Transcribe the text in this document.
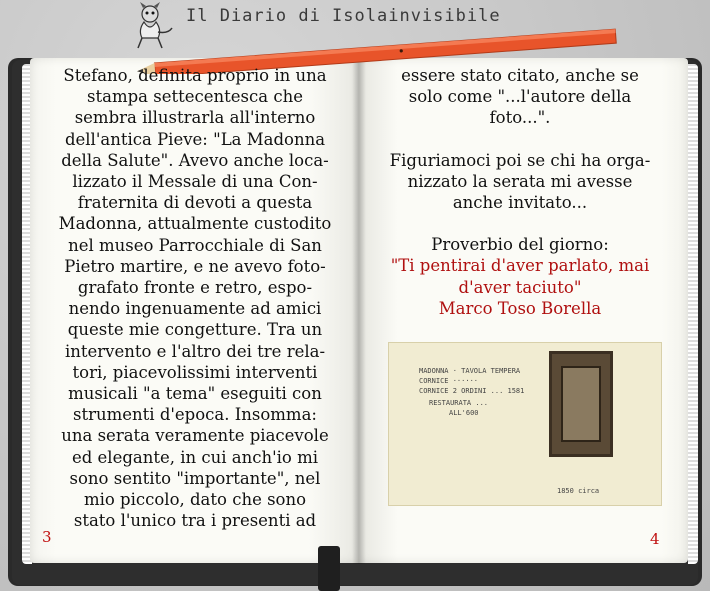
Il Diario di Isolainvisibile
Stefano, definita proprio in una
stampa settecentesca che
sembra illustrarla all'interno
dell'antica Pieve: "La Madonna
della Salute". Avevo anche loca-
lizzato il Messale di una Con-
fraternita di devoti a questa
Madonna, attualmente custodito
nel museo Parrocchiale di San
Pietro martire, e ne avevo foto-
grafato fronte e retro, espo-
nendo ingenuamente ad amici
queste mie congetture. Tra un
intervento e l'altro dei tre rela-
tori, piacevolissimi interventi
musicali "a tema" eseguiti con
strumenti d'epoca. Insomma:
una serata veramente piacevole
ed elegante, in cui anch'io mi
sono sentito "importante", nel
mio piccolo, dato che sono
stato l'unico tra i presenti ad
essere stato citato, anche se
solo come "...l'autore della
foto...".
Figuriamoci poi se chi ha orga-
nizzato la serata mi avesse
anche invitato...
Proverbio del giorno:
"Ti pentirai d'aver parlato, mai
d'aver taciuto"
Marco Toso Borella
MADONNA · TAVOLA TEMPERA
CORNICE ······
CORNICE 2 ORDINI ... 1581
RESTAURATA ...
ALL'600
1850 circa
3	4
